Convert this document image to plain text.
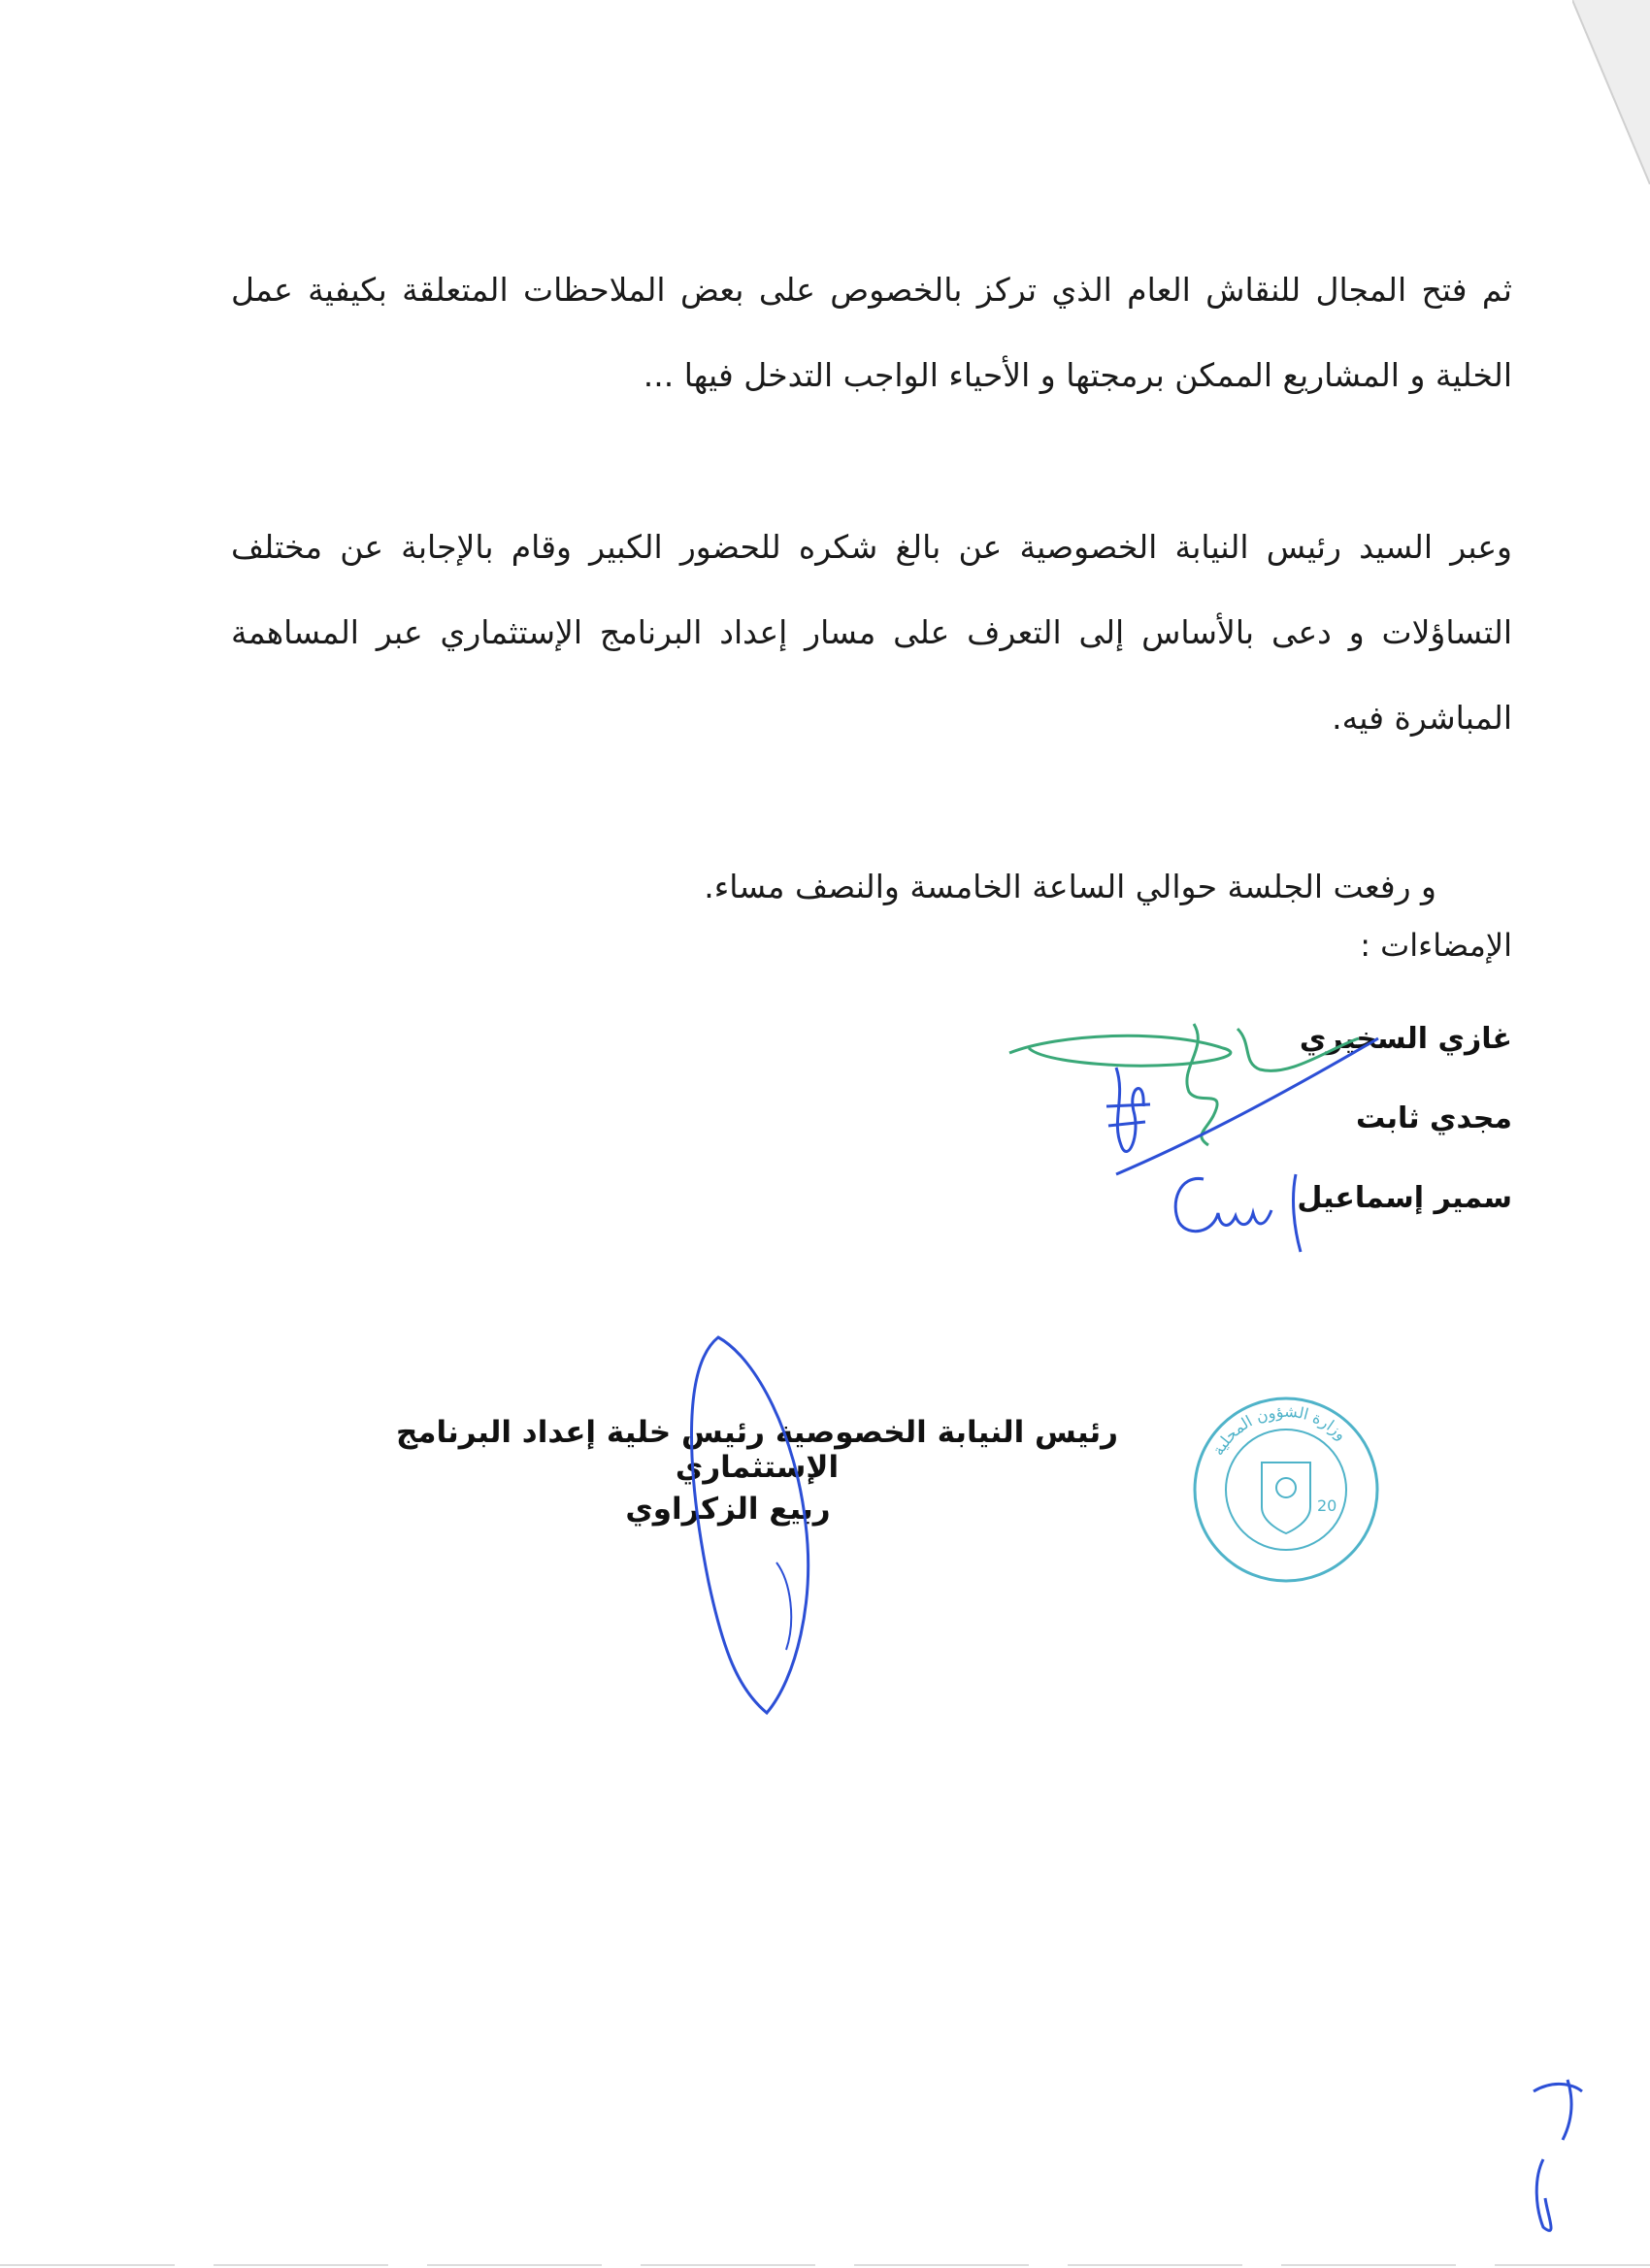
ثم فتح المجال للنقاش العام الذي تركز بالخصوص على بعض الملاحظات المتعلقة بكيفية عمل الخلية و المشاريع الممكن برمجتها و الأحياء الواجب التدخل فيها ...
وعبر السيد رئيس النيابة الخصوصية عن بالغ شكره للحضور الكبير وقام بالإجابة عن مختلف التساؤلات و دعى بالأساس إلى التعرف على مسار إعداد البرنامج الإستثماري عبر المساهمة المباشرة فيه.
و رفعت الجلسة حوالي الساعة الخامسة والنصف مساء.
الإمضاءات :
غازي السخيري
مجدي ثابت
سمير إسماعيل
وزارة الشؤون المحلية
20
رئيس النيابة الخصوصية رئيس خلية إعداد البرنامج الإستثماري
ربيع الزكراوي
